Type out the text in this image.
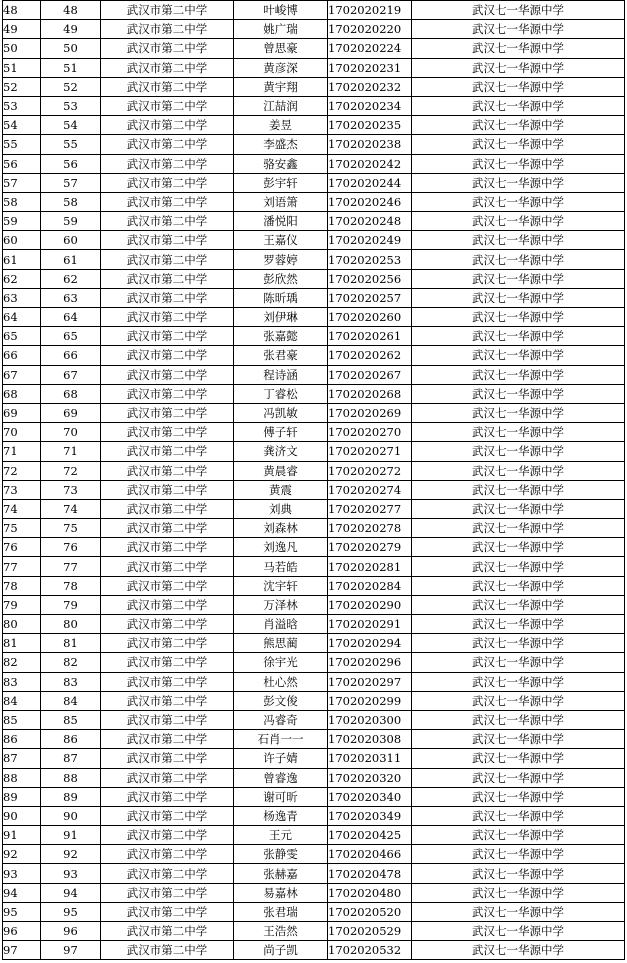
48	48	武汉市第二中学	叶峻博	1702020219	武汉七一华源中学
49	49	武汉市第二中学	姚广瑞	1702020220	武汉七一华源中学
50	50	武汉市第二中学	曾思豪	1702020224	武汉七一华源中学
51	51	武汉市第二中学	黄彦深	1702020231	武汉七一华源中学
52	52	武汉市第二中学	黄宇翔	1702020232	武汉七一华源中学
53	53	武汉市第二中学	江喆润	1702020234	武汉七一华源中学
54	54	武汉市第二中学	姜昱	1702020235	武汉七一华源中学
55	55	武汉市第二中学	李盛杰	1702020238	武汉七一华源中学
56	56	武汉市第二中学	骆安鑫	1702020242	武汉七一华源中学
57	57	武汉市第二中学	彭宇轩	1702020244	武汉七一华源中学
58	58	武汉市第二中学	刘语箫	1702020246	武汉七一华源中学
59	59	武汉市第二中学	潘悦阳	1702020248	武汉七一华源中学
60	60	武汉市第二中学	王嘉仪	1702020249	武汉七一华源中学
61	61	武汉市第二中学	罗蓉婷	1702020253	武汉七一华源中学
62	62	武汉市第二中学	彭欣然	1702020256	武汉七一华源中学
63	63	武汉市第二中学	陈昕瑀	1702020257	武汉七一华源中学
64	64	武汉市第二中学	刘伊琳	1702020260	武汉七一华源中学
65	65	武汉市第二中学	张嘉懿	1702020261	武汉七一华源中学
66	66	武汉市第二中学	张君豪	1702020262	武汉七一华源中学
67	67	武汉市第二中学	程诗涵	1702020267	武汉七一华源中学
68	68	武汉市第二中学	丁睿松	1702020268	武汉七一华源中学
69	69	武汉市第二中学	冯凯敏	1702020269	武汉七一华源中学
70	70	武汉市第二中学	傅子轩	1702020270	武汉七一华源中学
71	71	武汉市第二中学	龚济文	1702020271	武汉七一华源中学
72	72	武汉市第二中学	黄晨睿	1702020272	武汉七一华源中学
73	73	武汉市第二中学	黄震	1702020274	武汉七一华源中学
74	74	武汉市第二中学	刘典	1702020277	武汉七一华源中学
75	75	武汉市第二中学	刘森林	1702020278	武汉七一华源中学
76	76	武汉市第二中学	刘逸凡	1702020279	武汉七一华源中学
77	77	武汉市第二中学	马若皓	1702020281	武汉七一华源中学
78	78	武汉市第二中学	沈宇轩	1702020284	武汉七一华源中学
79	79	武汉市第二中学	万泽林	1702020290	武汉七一华源中学
80	80	武汉市第二中学	肖溢晗	1702020291	武汉七一华源中学
81	81	武汉市第二中学	熊思蔺	1702020294	武汉七一华源中学
82	82	武汉市第二中学	徐宇光	1702020296	武汉七一华源中学
83	83	武汉市第二中学	杜心然	1702020297	武汉七一华源中学
84	84	武汉市第二中学	彭文俊	1702020299	武汉七一华源中学
85	85	武汉市第二中学	冯睿奇	1702020300	武汉七一华源中学
86	86	武汉市第二中学	石肖一一	1702020308	武汉七一华源中学
87	87	武汉市第二中学	许子婧	1702020311	武汉七一华源中学
88	88	武汉市第二中学	曾睿逸	1702020320	武汉七一华源中学
89	89	武汉市第二中学	谢可昕	1702020340	武汉七一华源中学
90	90	武汉市第二中学	杨逸青	1702020349	武汉七一华源中学
91	91	武汉市第二中学	王元	1702020425	武汉七一华源中学
92	92	武汉市第二中学	张静雯	1702020466	武汉七一华源中学
93	93	武汉市第二中学	张赫嘉	1702020478	武汉七一华源中学
94	94	武汉市第二中学	易嘉林	1702020480	武汉七一华源中学
95	95	武汉市第二中学	张君瑞	1702020520	武汉七一华源中学
96	96	武汉市第二中学	王浩然	1702020529	武汉七一华源中学
97	97	武汉市第二中学	尚子凯	1702020532	武汉七一华源中学
